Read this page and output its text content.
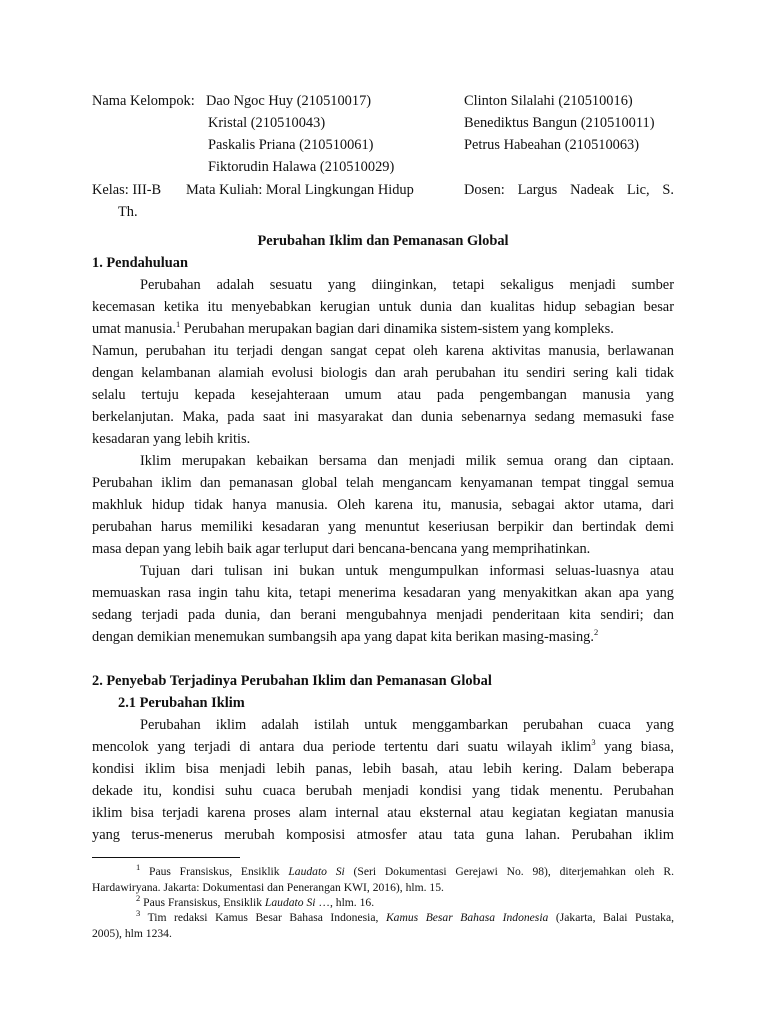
Nama Kelompok: Dao Ngoc Huy (210510017)	Clinton Silalahi (210510016)
Kristal (210510043)	Benediktus Bangun (210510011)
Paskalis Priana (210510061)	Petrus Habeahan (210510063)
Fiktorudin Halawa (210510029)
Kelas: III-B Mata Kuliah: Moral Lingkungan Hidup	Dosen: Largus Nadeak Lic, S.
Th.
Perubahan Iklim dan Pemanasan Global
1. Pendahuluan
Perubahan adalah sesuatu yang diinginkan, tetapi sekaligus menjadi sumber
kecemasan ketika itu menyebabkan kerugian untuk dunia dan kualitas hidup sebagian besar
umat manusia.$^1$ Perubahan merupakan bagian dari dinamika sistem-sistem yang kompleks.
Namun, perubahan itu terjadi dengan sangat cepat oleh karena aktivitas manusia, berlawanan
dengan kelambanan alamiah evolusi biologis dan arah perubahan itu sendiri sering kali tidak
selalu tertuju kepada kesejahteraan umum atau pada pengembangan manusia yang
berkelanjutan. Maka, pada saat ini masyarakat dan dunia sebenarnya sedang memasuki fase
kesadaran yang lebih kritis.
Iklim merupakan kebaikan bersama dan menjadi milik semua orang dan ciptaan.
Perubahan iklim dan pemanasan global telah mengancam kenyamanan tempat tinggal semua
makhluk hidup tidak hanya manusia. Oleh karena itu, manusia, sebagai aktor utama, dari
perubahan harus memiliki kesadaran yang menuntut keseriusan berpikir dan bertindak demi
masa depan yang lebih baik agar terluput dari bencana-bencana yang memprihatinkan.
Tujuan dari tulisan ini bukan untuk mengumpulkan informasi seluas-luasnya atau
memuaskan rasa ingin tahu kita, tetapi menerima kesadaran yang menyakitkan akan apa yang
sedang terjadi pada dunia, dan berani mengubahnya menjadi penderitaan kita sendiri; dan
dengan demikian menemukan sumbangsih apa yang dapat kita berikan masing-masing.$^2$
2. Penyebab Terjadinya Perubahan Iklim dan Pemanasan Global
2.1 Perubahan Iklim
Perubahan iklim adalah istilah untuk menggambarkan perubahan cuaca yang
mencolok yang terjadi di antara dua periode tertentu dari suatu wilayah iklim$^3$ yang biasa,
kondisi iklim bisa menjadi lebih panas, lebih basah, atau lebih kering. Dalam beberapa
dekade itu, kondisi suhu cuaca berubah menjadi kondisi yang tidak menentu. Perubahan
iklim bisa terjadi karena proses alam internal atau eksternal atau kegiatan kegiatan manusia
yang terus-menerus merubah komposisi atmosfer atau tata guna lahan. Perubahan iklim
$^1$ Paus Fransiskus, Ensiklik Laudato Si (Seri Dokumentasi Gerejawi No. 98), diterjemahkan oleh R.
Hardawiryana. Jakarta: Dokumentasi dan Penerangan KWI, 2016), hlm. 15.
$^2$ Paus Fransiskus, Ensiklik Laudato Si …, hlm. 16.
$^3$ Tim redaksi Kamus Besar Bahasa Indonesia, Kamus Besar Bahasa Indonesia (Jakarta, Balai Pustaka,
2005), hlm 1234.
